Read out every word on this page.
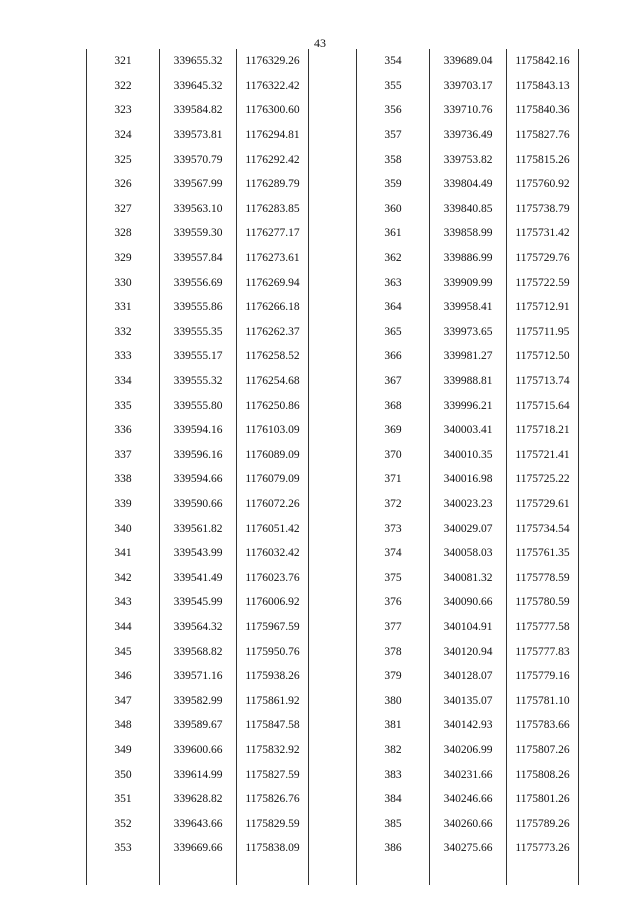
43
321	339655.32	1176329.26
322	339645.32	1176322.42
323	339584.82	1176300.60
324	339573.81	1176294.81
325	339570.79	1176292.42
326	339567.99	1176289.79
327	339563.10	1176283.85
328	339559.30	1176277.17
329	339557.84	1176273.61
330	339556.69	1176269.94
331	339555.86	1176266.18
332	339555.35	1176262.37
333	339555.17	1176258.52
334	339555.32	1176254.68
335	339555.80	1176250.86
336	339594.16	1176103.09
337	339596.16	1176089.09
338	339594.66	1176079.09
339	339590.66	1176072.26
340	339561.82	1176051.42
341	339543.99	1176032.42
342	339541.49	1176023.76
343	339545.99	1176006.92
344	339564.32	1175967.59
345	339568.82	1175950.76
346	339571.16	1175938.26
347	339582.99	1175861.92
348	339589.67	1175847.58
349	339600.66	1175832.92
350	339614.99	1175827.59
351	339628.82	1175826.76
352	339643.66	1175829.59
353	339669.66	1175838.09

354	339689.04	1175842.16
355	339703.17	1175843.13
356	339710.76	1175840.36
357	339736.49	1175827.76
358	339753.82	1175815.26
359	339804.49	1175760.92
360	339840.85	1175738.79
361	339858.99	1175731.42
362	339886.99	1175729.76
363	339909.99	1175722.59
364	339958.41	1175712.91
365	339973.65	1175711.95
366	339981.27	1175712.50
367	339988.81	1175713.74
368	339996.21	1175715.64
369	340003.41	1175718.21
370	340010.35	1175721.41
371	340016.98	1175725.22
372	340023.23	1175729.61
373	340029.07	1175734.54
374	340058.03	1175761.35
375	340081.32	1175778.59
376	340090.66	1175780.59
377	340104.91	1175777.58
378	340120.94	1175777.83
379	340128.07	1175779.16
380	340135.07	1175781.10
381	340142.93	1175783.66
382	340206.99	1175807.26
383	340231.66	1175808.26
384	340246.66	1175801.26
385	340260.66	1175789.26
386	340275.66	1175773.26
